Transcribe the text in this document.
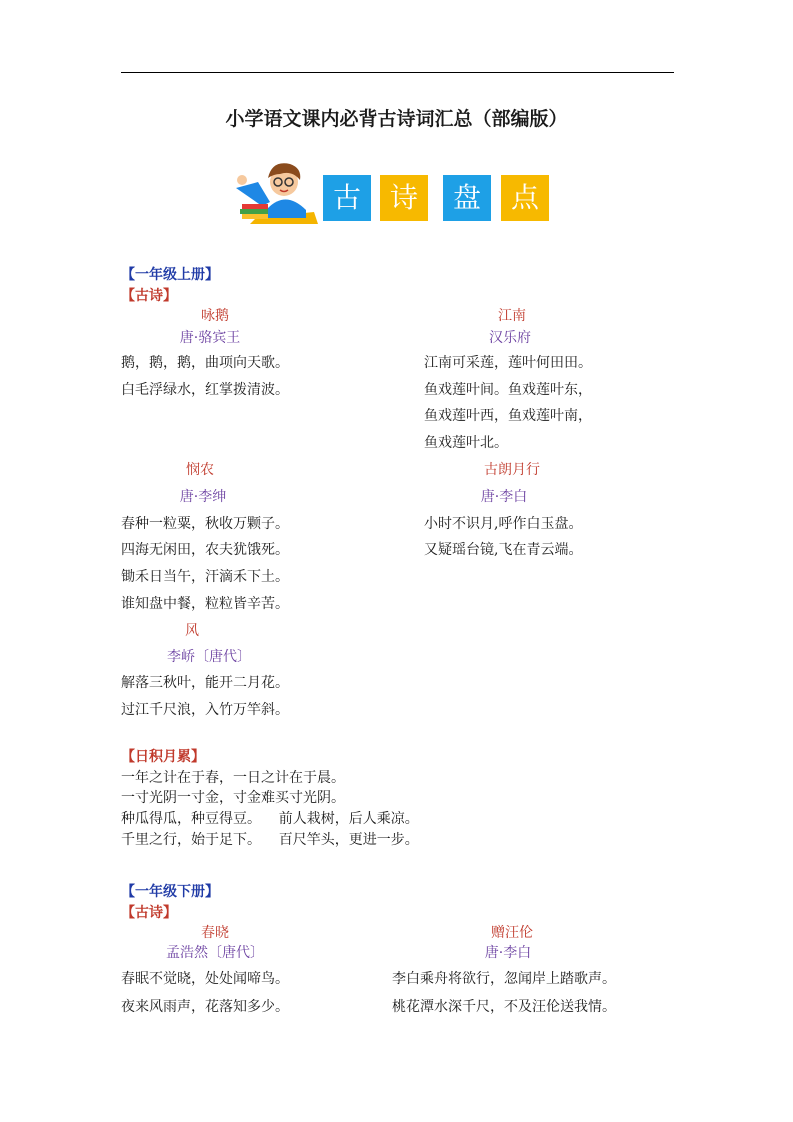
小学语文课内必背古诗词汇总（部编版）
古	诗	盘	点
【一年级上册】
【古诗】
咏鹅
唐·骆宾王
鹅，鹅，鹅，曲项向天歌。
白毛浮绿水，红掌拨清波。
江南
汉乐府
江南可采莲，莲叶何田田。
鱼戏莲叶间。鱼戏莲叶东，
鱼戏莲叶西，鱼戏莲叶南，
鱼戏莲叶北。
悯农
唐·李绅
春种一粒粟，秋收万颗子。
四海无闲田，农夫犹饿死。
锄禾日当午，汗滴禾下土。
谁知盘中餐，粒粒皆辛苦。
古朗月行
唐·李白
小时不识月,呼作白玉盘。
又疑瑶台镜,飞在青云端。
风
李峤〔唐代〕
解落三秋叶，能开二月花。
过江千尺浪，入竹万竿斜。
【日积月累】
一年之计在于春，一日之计在于晨。
一寸光阴一寸金，寸金难买寸光阴。
种瓜得瓜，种豆得豆。    前人栽树，后人乘凉。
千里之行，始于足下。    百尺竿头，更进一步。
【一年级下册】
【古诗】
春晓
孟浩然〔唐代〕
春眠不觉晓，处处闻啼鸟。
夜来风雨声，花落知多少。
赠汪伦
唐·李白
李白乘舟将欲行，忽闻岸上踏歌声。
桃花潭水深千尺，不及汪伦送我情。
